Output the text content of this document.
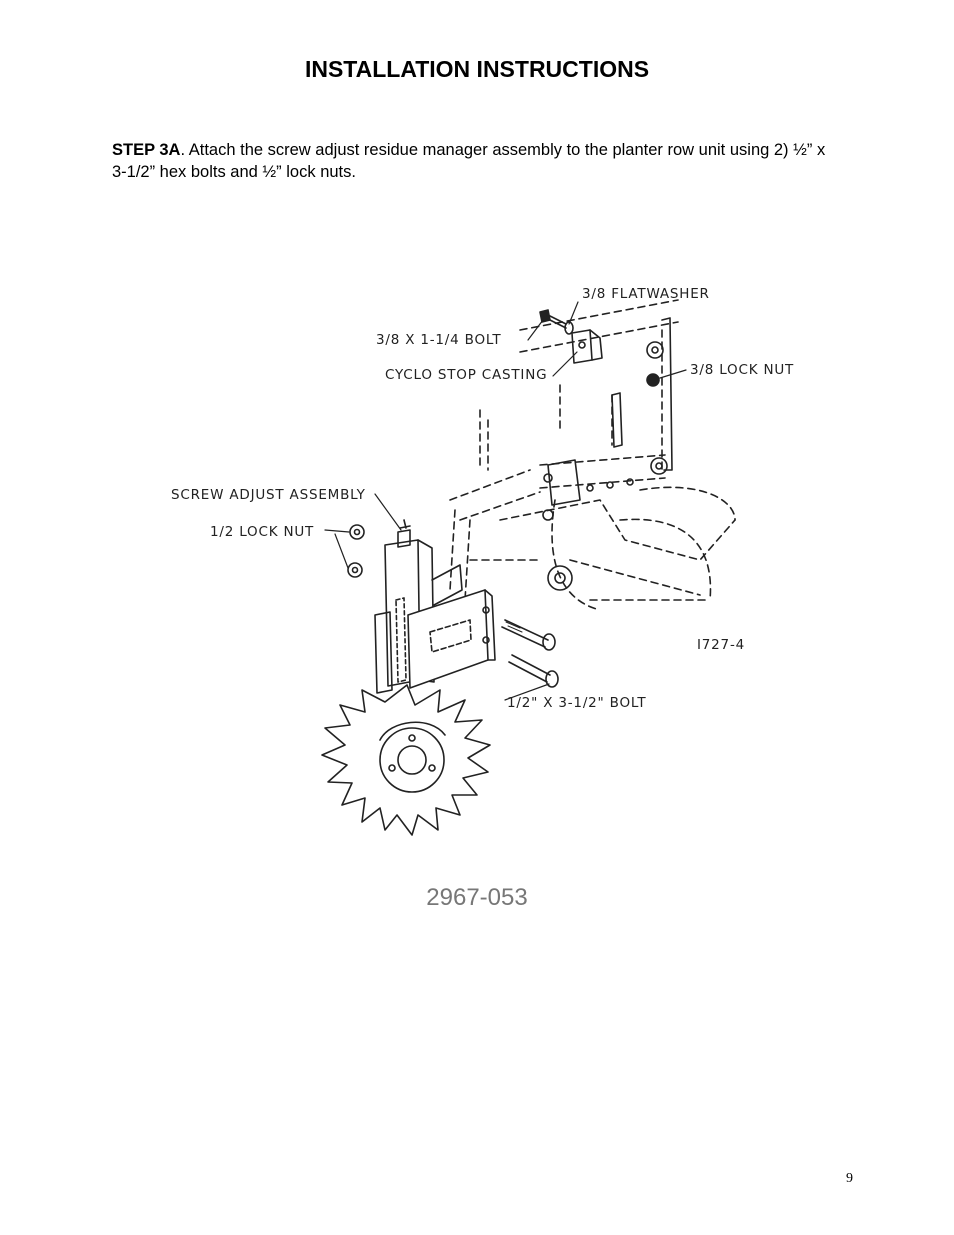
INSTALLATION INSTRUCTIONS
STEP 3A. Attach the screw adjust residue manager assembly to the planter row unit using 2) ½” x 3-1/2” hex bolts and ½” lock nuts.
3/8 FLATWASHER
3/8 X 1-1/4 BOLT
3/8 LOCK NUT
CYCLO STOP CASTING
SCREW ADJUST ASSEMBLY
1/2 LOCK NUT
I727-4
1/2" X 3-1/2" BOLT
2967-053
9
